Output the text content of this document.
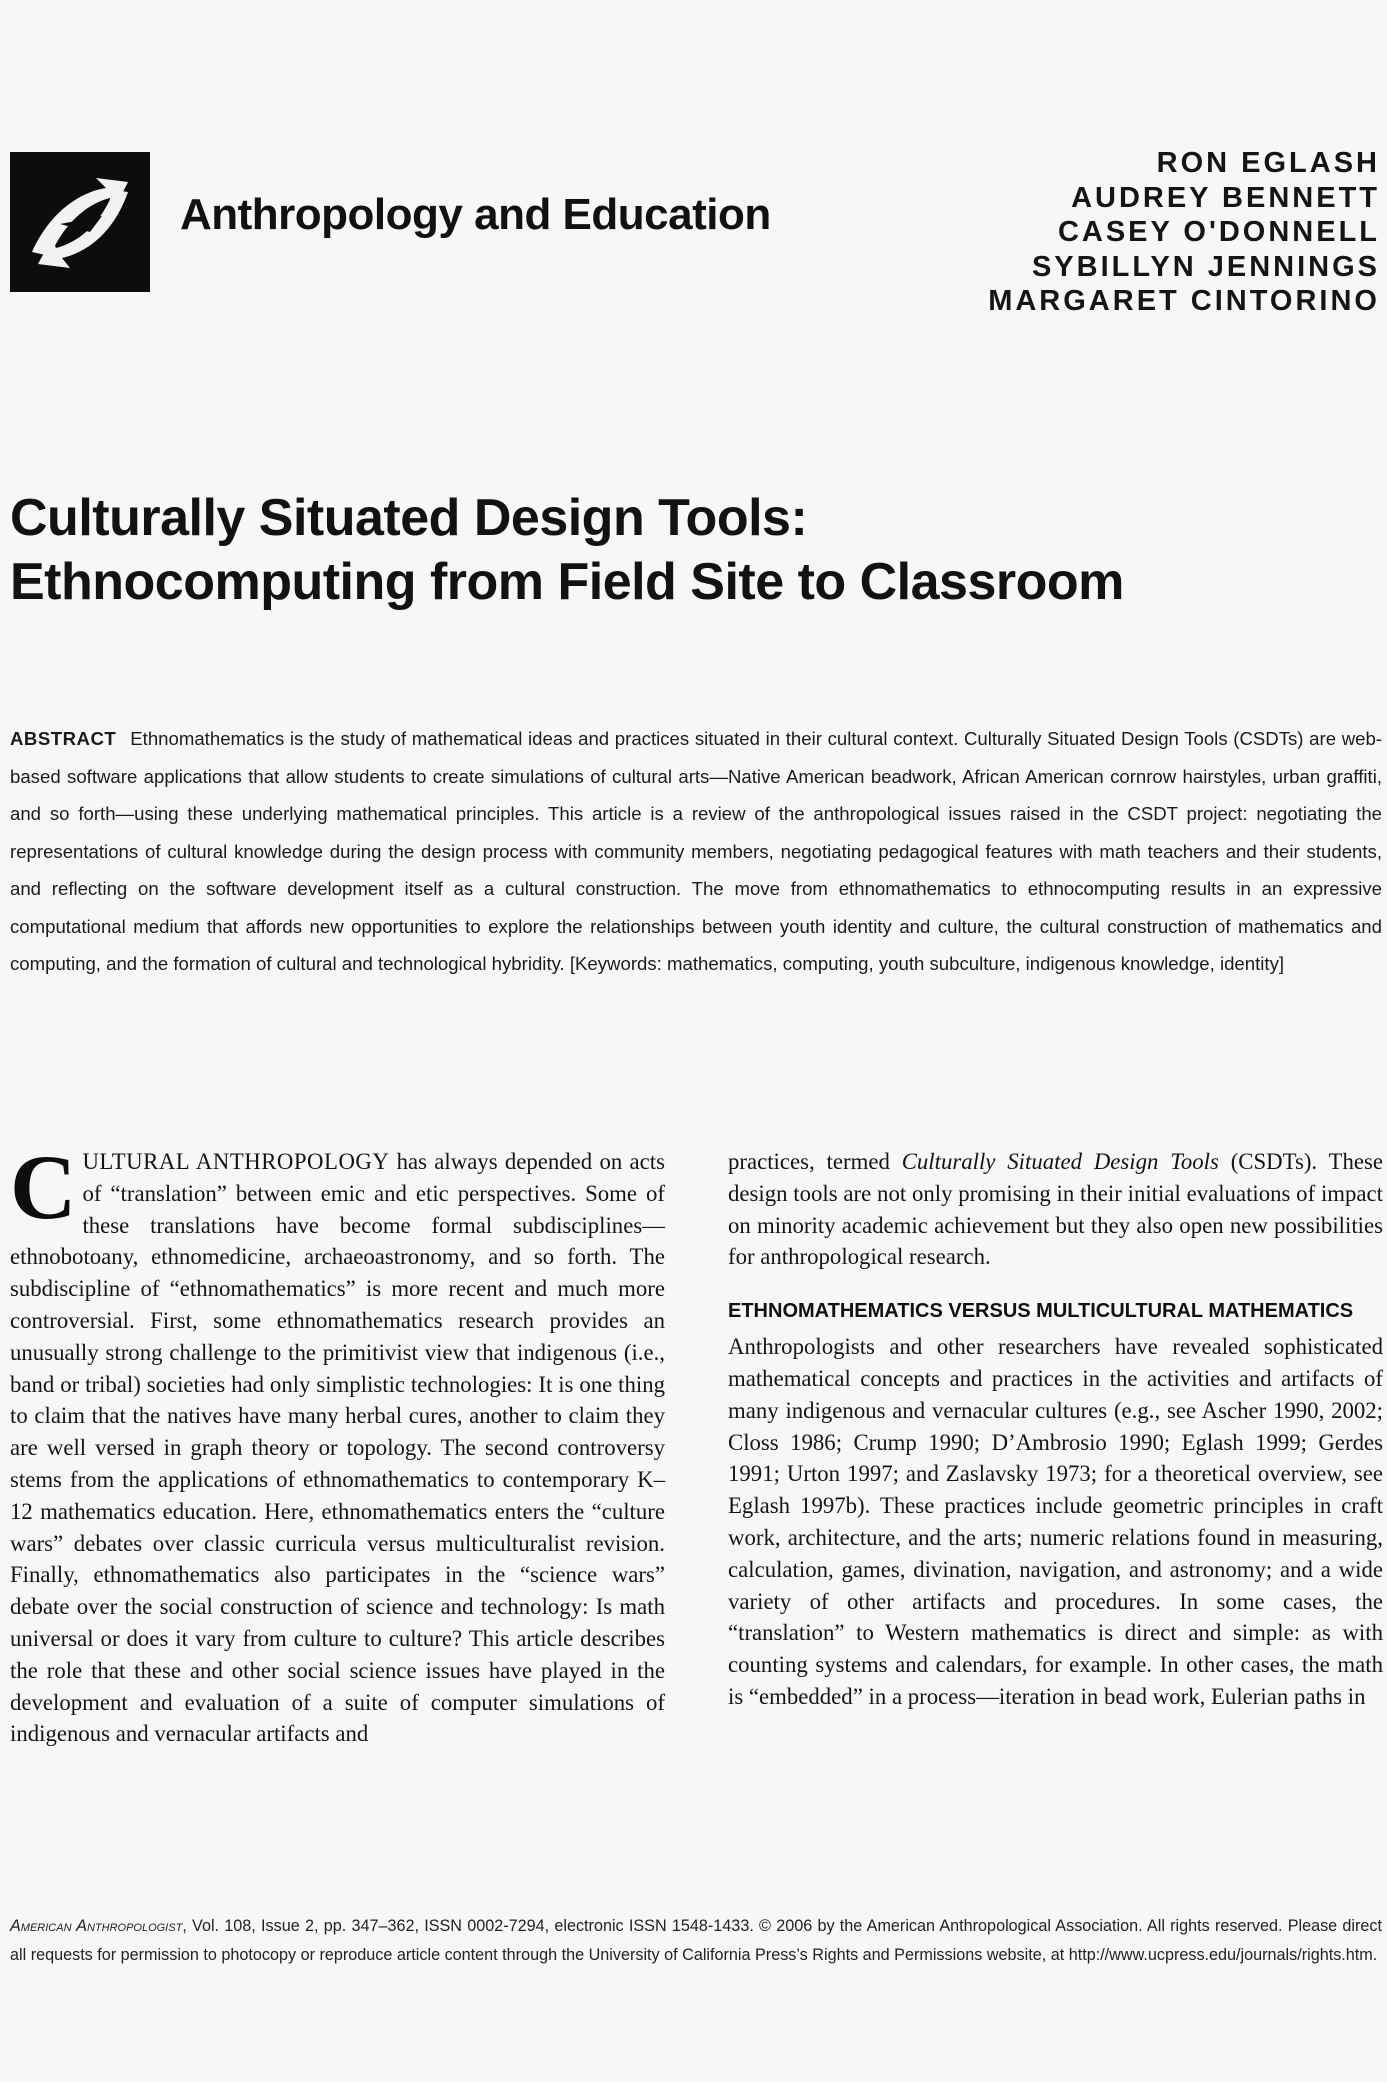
Anthropology and Education
RON EGLASH
AUDREY BENNETT
CASEY O'DONNELL
SYBILLYN JENNINGS
MARGARET CINTORINO
Culturally Situated Design Tools:
Ethnocomputing from Field Site to Classroom
ABSTRACT Ethnomathematics is the study of mathematical ideas and practices situated in their cultural context. Culturally Situated Design Tools (CSDTs) are web-based software applications that allow students to create simulations of cultural arts—Native American beadwork, African American cornrow hairstyles, urban graffiti, and so forth—using these underlying mathematical principles. This article is a review of the anthropological issues raised in the CSDT project: negotiating the representations of cultural knowledge during the design process with community members, negotiating pedagogical features with math teachers and their students, and reflecting on the software development itself as a cultural construction. The move from ethnomathematics to ethnocomputing results in an expressive computational medium that affords new opportunities to explore the relationships between youth identity and culture, the cultural construction of mathematics and computing, and the formation of cultural and technological hybridity. [Keywords: mathematics, computing, youth subculture, indigenous knowledge, identity]

CULTURAL ANTHROPOLOGY has always depended on acts of “translation” between emic and etic perspectives. Some of these translations have become formal subdisciplines—ethnobotoany, ethnomedicine, archaeoastronomy, and so forth. The subdiscipline of “ethnomathematics” is more recent and much more controversial. First, some ethnomathematics research provides an unusually strong challenge to the primitivist view that indigenous (i.e., band or tribal) societies had only simplistic technologies: It is one thing to claim that the natives have many herbal cures, another to claim they are well versed in graph theory or topology. The second controversy stems from the applications of ethnomathematics to contemporary K–12 mathematics education. Here, ethnomathematics enters the “culture wars” debates over classic curricula versus multiculturalist revision. Finally, ethnomathematics also participates in the “science wars” debate over the social construction of science and technology: Is math universal or does it vary from culture to culture? This article describes the role that these and other social science issues have played in the development and evaluation of a suite of computer simulations of indigenous and vernacular artifacts and

practices, termed Culturally Situated Design Tools (CSDTs). These design tools are not only promising in their initial evaluations of impact on minority academic achievement but they also open new possibilities for anthropological research.

ETHNOMATHEMATICS VERSUS MULTICULTURAL MATHEMATICS

Anthropologists and other researchers have revealed sophisticated mathematical concepts and practices in the activities and artifacts of many indigenous and vernacular cultures (e.g., see Ascher 1990, 2002; Closs 1986; Crump 1990; D’Ambrosio 1990; Eglash 1999; Gerdes 1991; Urton 1997; and Zaslavsky 1973; for a theoretical overview, see Eglash 1997b). These practices include geometric principles in craft work, architecture, and the arts; numeric relations found in measuring, calculation, games, divination, navigation, and astronomy; and a wide variety of other artifacts and procedures. In some cases, the “translation” to Western mathematics is direct and simple: as with counting systems and calendars, for example. In other cases, the math is “embedded” in a process—iteration in bead work, Eulerian paths in

American Anthropologist, Vol. 108, Issue 2, pp. 347–362, ISSN 0002-7294, electronic ISSN 1548-1433. © 2006 by the American Anthropological Association. All rights reserved. Please direct all requests for permission to photocopy or reproduce article content through the University of California Press’s Rights and Permissions website, at http://www.ucpress.edu/journals/rights.htm.
